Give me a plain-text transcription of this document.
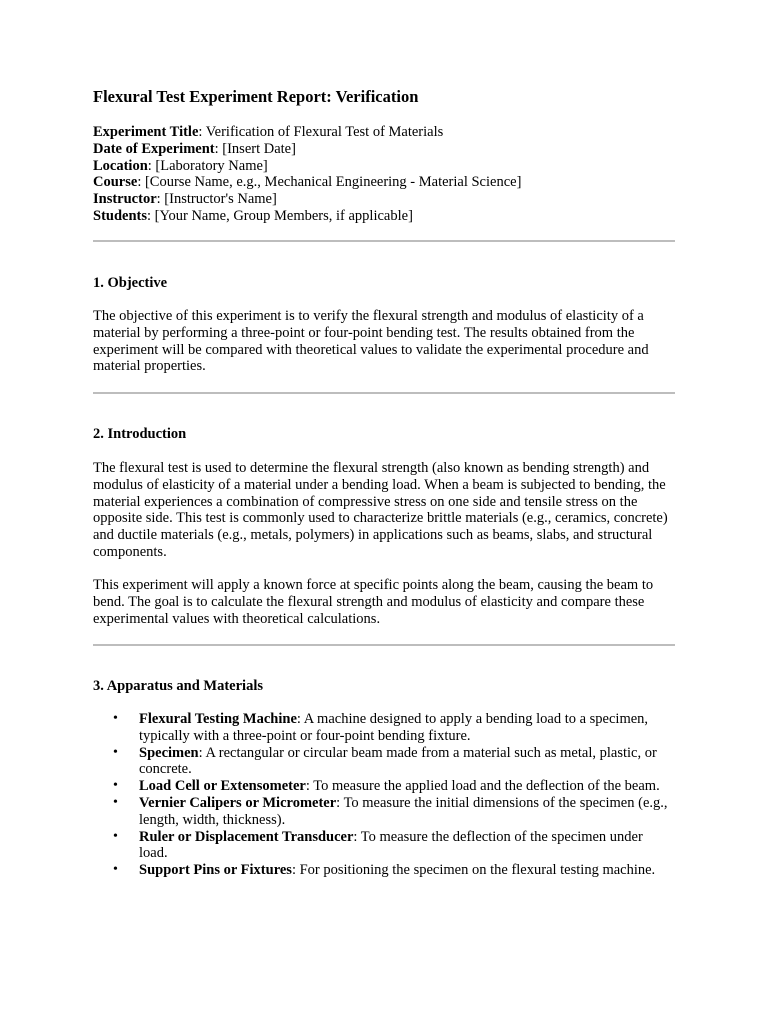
Flexural Test Experiment Report: Verification
Experiment Title: Verification of Flexural Test of Materials
Date of Experiment: [Insert Date]
Location: [Laboratory Name]
Course: [Course Name, e.g., Mechanical Engineering - Material Science]
Instructor: [Instructor's Name]
Students: [Your Name, Group Members, if applicable]
1. Objective

The objective of this experiment is to verify the flexural strength and modulus of elasticity of a material by performing a three-point or four-point bending test. The results obtained from the experiment will be compared with theoretical values to validate the experimental procedure and material properties.

2. Introduction

The flexural test is used to determine the flexural strength (also known as bending strength) and modulus of elasticity of a material under a bending load. When a beam is subjected to bending, the material experiences a combination of compressive stress on one side and tensile stress on the opposite side. This test is commonly used to characterize brittle materials (e.g., ceramics, concrete) and ductile materials (e.g., metals, polymers) in applications such as beams, slabs, and structural components.

This experiment will apply a known force at specific points along the beam, causing the beam to bend. The goal is to calculate the flexural strength and modulus of elasticity and compare these experimental values with theoretical calculations.

3. Apparatus and Materials
• Flexural Testing Machine: A machine designed to apply a bending load to a specimen, typically with a three-point or four-point bending fixture.
• Specimen: A rectangular or circular beam made from a material such as metal, plastic, or concrete.
• Load Cell or Extensometer: To measure the applied load and the deflection of the beam.
• Vernier Calipers or Micrometer: To measure the initial dimensions of the specimen (e.g., length, width, thickness).
• Ruler or Displacement Transducer: To measure the deflection of the specimen under load.
• Support Pins or Fixtures: For positioning the specimen on the flexural testing machine.
